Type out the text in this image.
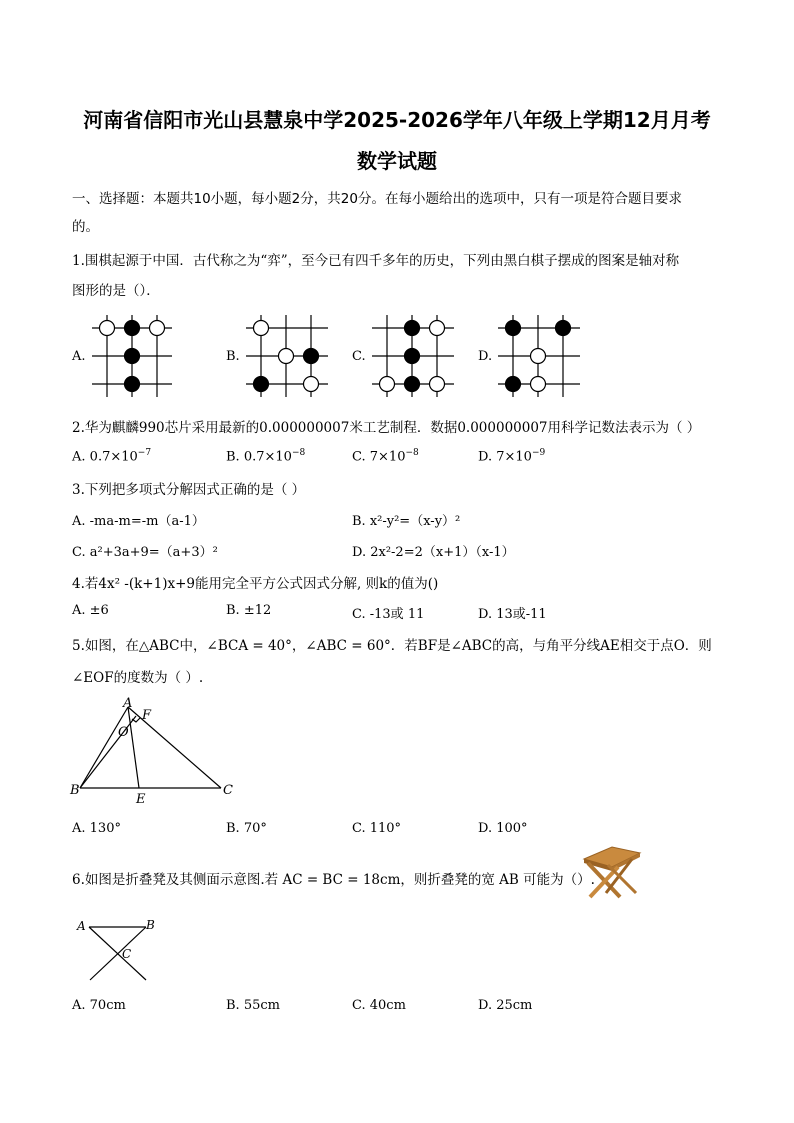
河南省信阳市光山县慧泉中学2025-2026学年八年级上学期12月月考
数学试题
一、选择题：本题共10小题，每小题2分，共20分。在每小题给出的选项中，只有一项是符合题目要求
的。
1.围棋起源于中国．古代称之为“弈”，至今已有四千多年的历史，下列由黑白棋子摆成的图案是轴对称
图形的是（）．
A.	B.	C.	D.
2.华为麒麟990芯片采用最新的0.000000007米工艺制程．数据0.000000007用科学记数法表示为（ ）
A. $0.7\times 10^{-7}$	B. $0.7\times 10^{-8}$	C. $7\times 10^{-8}$	D. $7\times 10^{-9}$
3.下列把多项式分解因式正确的是（ ）
A. -ma-m=-m（a-1）	B. x²-y²=（x-y）²
C. a²+3a+9=（a+3）²	D. 2x²-2=2（x+1）（x-1）
4.若4x² -(k+1)x+9能用完全平方公式因式分解, 则k的值为()
A. ±6	B. ±12	C. -13或 11	D. 13或-11
5.如图，在△ABC中，∠BCA = 40°，∠ABC = 60°．若BF是∠ABC的高，与角平分线AE相交于点O．则
∠EOF的度数为（ ）.
A
F
O
B	C
E
A. 130°	B. 70°	C. 110°	D. 100°
6.如图是折叠凳及其侧面示意图.若 AC = BC = 18cm，则折叠凳的宽 AB 可能为（）.
A	B
C
A. 70cm	B. 55cm	C. 40cm	D. 25cm
